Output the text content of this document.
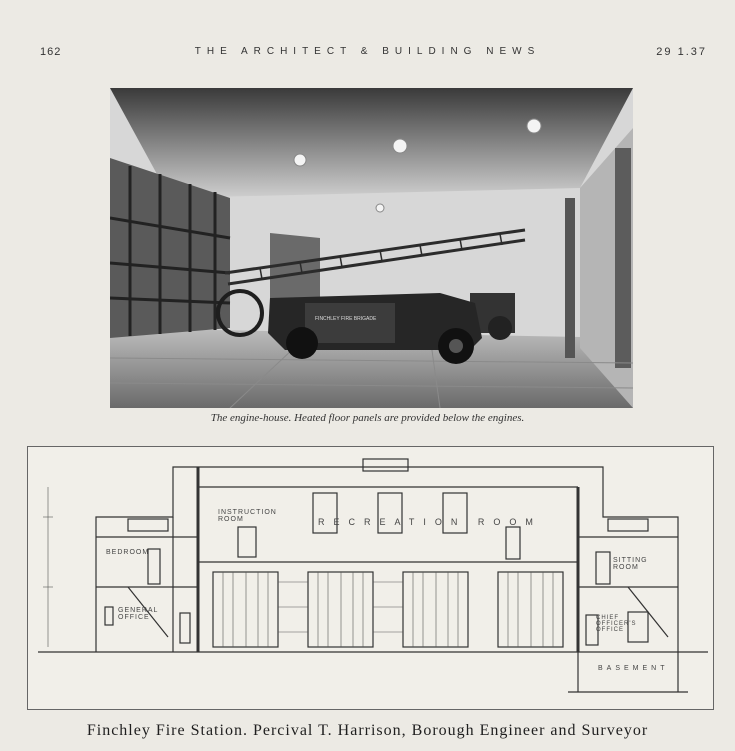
162	THE ARCHITECT & BUILDING NEWS	29 1.37
FINCHLEY FIRE BRIGADE
The engine-house. Heated floor panels are provided below the engines.
INSTRUCTION ROOM	RECREATION ROOM
BEDROOM
GENERAL OFFICE
SITTING ROOM
CHIEF OFFICER'S OFFICE
BASEMENT
Finchley Fire Station. Percival T. Harrison, Borough Engineer and Surveyor
